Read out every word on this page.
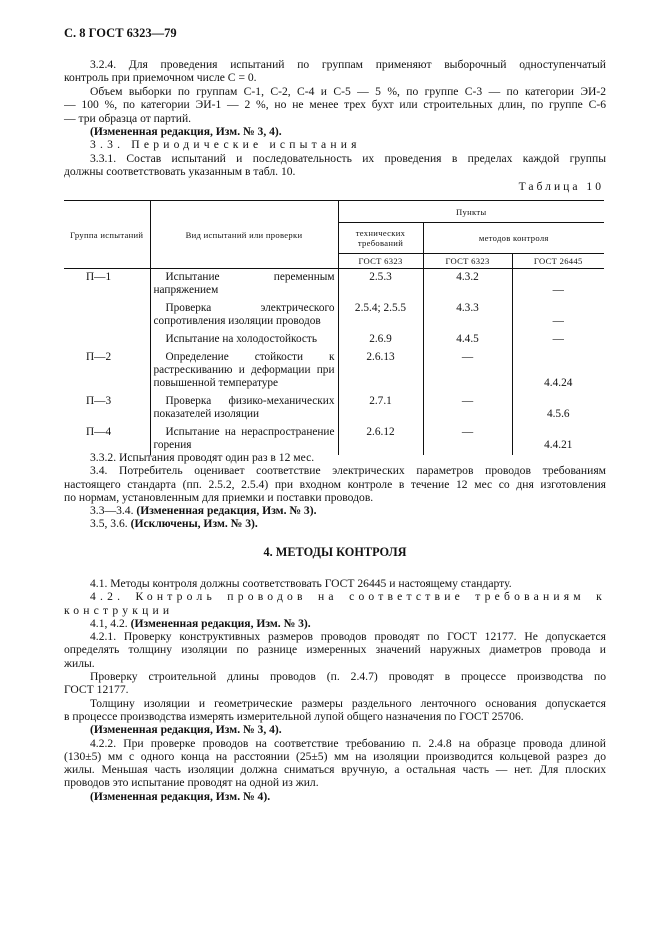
С. 8 ГОСТ 6323—79
3.2.4. Для проведения испытаний по группам применяют выборочный одноступенчатый
контроль при приемочном числе С = 0.
Объем выборки по группам С-1, С-2, С-4 и С-5 — 5 %, по группе С-3 — по категории ЭИ-2
— 100 %, по категории ЭИ-1 — 2 %, но не менее трех бухт или строительных длин, по группе С-6
— три образца от партий.
(Измененная редакция, Изм. № 3, 4).
3.3. Периодические испытания
3.3.1. Состав испытаний и последовательность их проведения в пределах каждой группы
должны соответствовать указанным в табл. 10.
Таблица 10
Группа испытаний	Вид испытаний или проверки	Пункты		
		технических требований	методов контроля	
		ГОСТ 6323	ГОСТ 6323	ГОСТ 26445
П—1	Испытание переменным напряжением	2.5.3	4.3.2	—

	Проверка электрического сопротивления изоляции проводов	2.5.4; 2.5.5	4.3.3	—

	Испытание на холодостойкость	2.6.9	4.4.5	—
П—2	Определение стойкости к растрескиванию и деформации при повышенной температуре	2.6.13	—	4.4.24
П—3	Проверка физико-механических показателей изоляции	2.7.1	—	4.5.6
П—4	Испытание на нераспространение горения	2.6.12	—	4.4.21
3.3.2. Испытания проводят один раз в 12 мес.
3.4. Потребитель оценивает соответствие электрических параметров проводов требованиям
настоящего стандарта (пп. 2.5.2, 2.5.4) при входном контроле в течение 12 мес со дня изготовления
по нормам, установленным для приемки и поставки проводов.
3.3—3.4. (Измененная редакция, Изм. № 3).
3.5, 3.6. (Исключены, Изм. № 3).
4. МЕТОДЫ КОНТРОЛЯ
4.1. Методы контроля должны соответствовать ГОСТ 26445 и настоящему стандарту.
4.2. Контроль проводов на соответствие требованиям к
конструкции
4.1, 4.2. (Измененная редакция, Изм. № 3).
4.2.1. Проверку конструктивных размеров проводов проводят по ГОСТ 12177. Не допускается
определять толщину изоляции по разнице измеренных значений наружных диаметров провода и
жилы.
Проверку строительной длины проводов (п. 2.4.7) проводят в процессе производства по
ГОСТ 12177.
Толщину изоляции и геометрические размеры раздельного ленточного основания допускается
в процессе производства измерять измерительной лупой общего назначения по ГОСТ 25706.
(Измененная редакция, Изм. № 3, 4).
4.2.2. При проверке проводов на соответствие требованию п. 2.4.8 на образце провода длиной
(130±5) мм с одного конца на расстоянии (25±5) мм на изоляции производится кольцевой разрез до
жилы. Меньшая часть изоляции должна сниматься вручную, а остальная часть — нет. Для плоских
проводов это испытание проводят на одной из жил.
(Измененная редакция, Изм. № 4).
